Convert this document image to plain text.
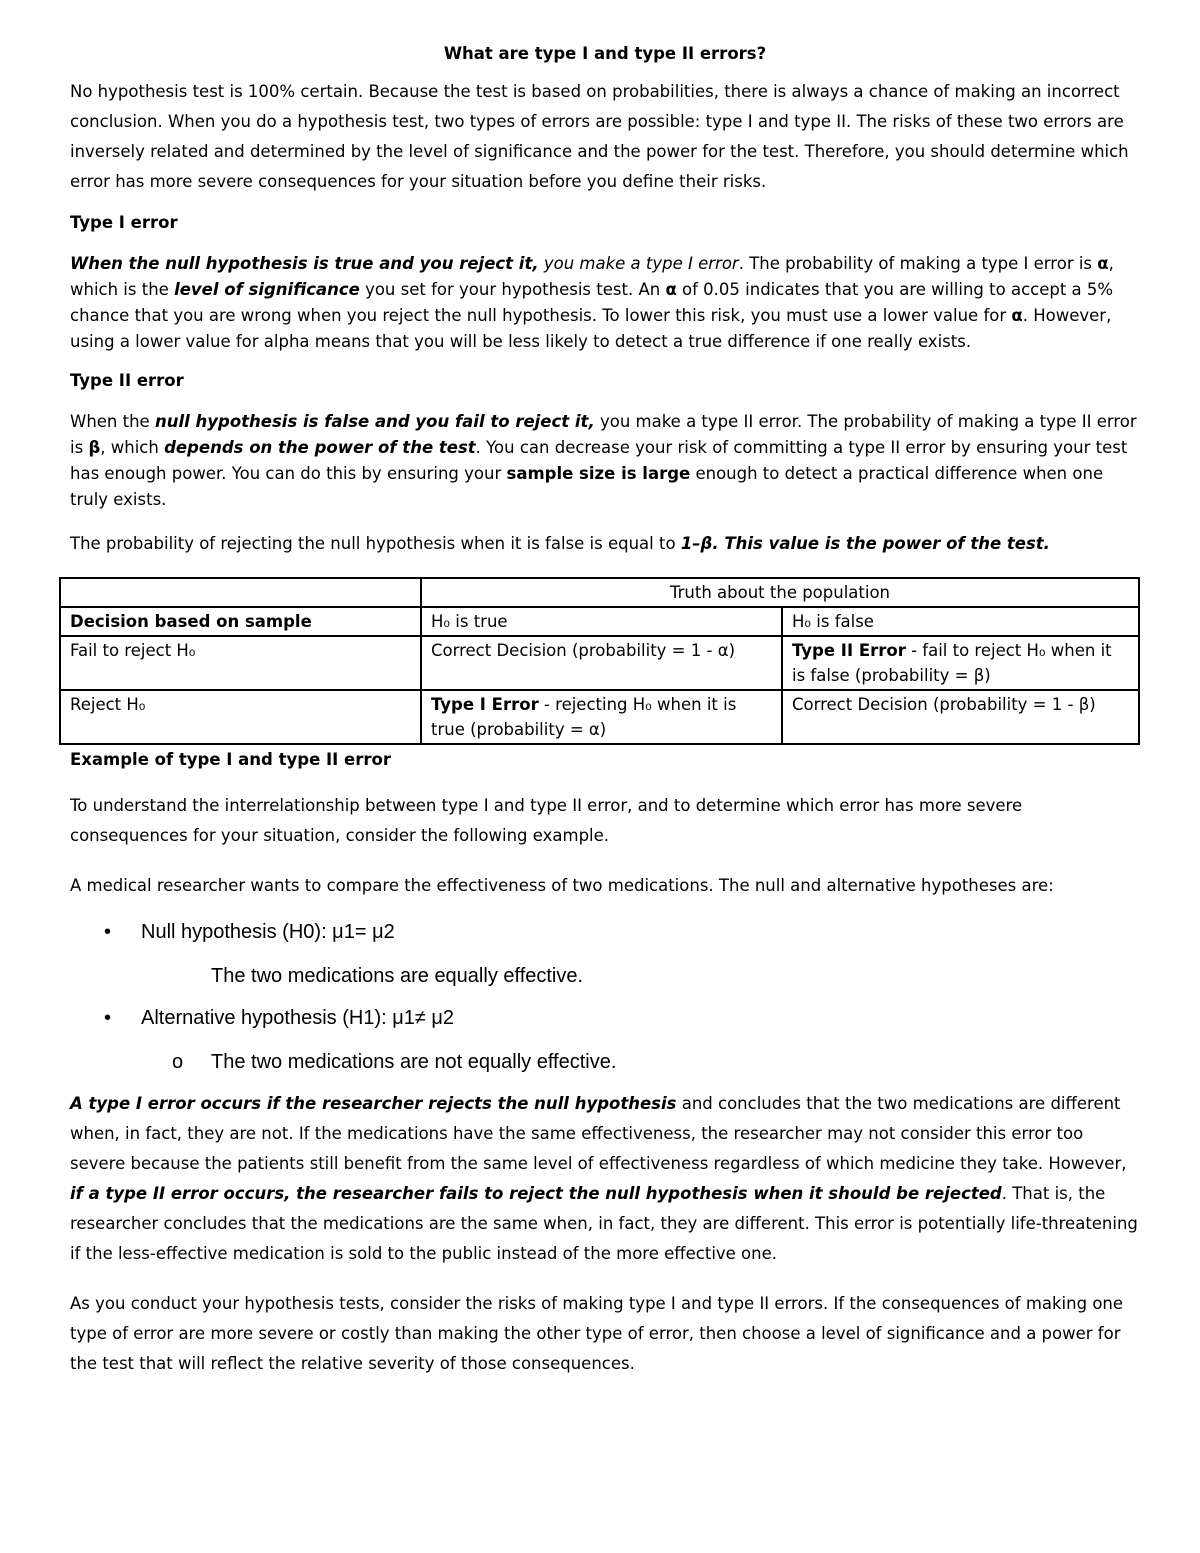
What are type I and type II errors?

No hypothesis test is 100% certain. Because the test is based on probabilities, there is always a chance of making an incorrect conclusion. When you do a hypothesis test, two types of errors are possible: type I and type II. The risks of these two errors are inversely related and determined by the level of significance and the power for the test. Therefore, you should determine which error has more severe consequences for your situation before you define their risks.

Type I error

When the null hypothesis is true and you reject it, you make a type I error. The probability of making a type I error is α, which is the level of significance you set for your hypothesis test. An α of 0.05 indicates that you are willing to accept a 5% chance that you are wrong when you reject the null hypothesis. To lower this risk, you must use a lower value for α. However, using a lower value for alpha means that you will be less likely to detect a true difference if one really exists.

Type II error

When the null hypothesis is false and you fail to reject it, you make a type II error. The probability of making a type II error is β, which depends on the power of the test. You can decrease your risk of committing a type II error by ensuring your test has enough power. You can do this by ensuring your sample size is large enough to detect a practical difference when one truly exists.

The probability of rejecting the null hypothesis when it is false is equal to 1–β. This value is the power of the test.

	Truth about the population	
Decision based on sample	H₀ is true	H₀ is false
Fail to reject H₀	Correct Decision (probability = 1 - α)	Type II Error - fail to reject H₀ when it is false (probability = β)
Reject H₀	Type I Error - rejecting H₀ when it is true (probability = α)	Correct Decision (probability = 1 - β)
Example of type I and type II error

To understand the interrelationship between type I and type II error, and to determine which error has more severe consequences for your situation, consider the following example.

A medical researcher wants to compare the effectiveness of two medications. The null and alternative hypotheses are:

•	Null hypothesis (H0): μ1= μ2
The two medications are equally effective.
•	Alternative hypothesis (H1): μ1≠ μ2
o	The two medications are not equally effective.

A type I error occurs if the researcher rejects the null hypothesis and concludes that the two medications are different when, in fact, they are not. If the medications have the same effectiveness, the researcher may not consider this error too severe because the patients still benefit from the same level of effectiveness regardless of which medicine they take. However, if a type II error occurs, the researcher fails to reject the null hypothesis when it should be rejected. That is, the researcher concludes that the medications are the same when, in fact, they are different. This error is potentially life-threatening if the less-effective medication is sold to the public instead of the more effective one.

As you conduct your hypothesis tests, consider the risks of making type I and type II errors. If the consequences of making one type of error are more severe or costly than making the other type of error, then choose a level of significance and a power for the test that will reflect the relative severity of those consequences.
